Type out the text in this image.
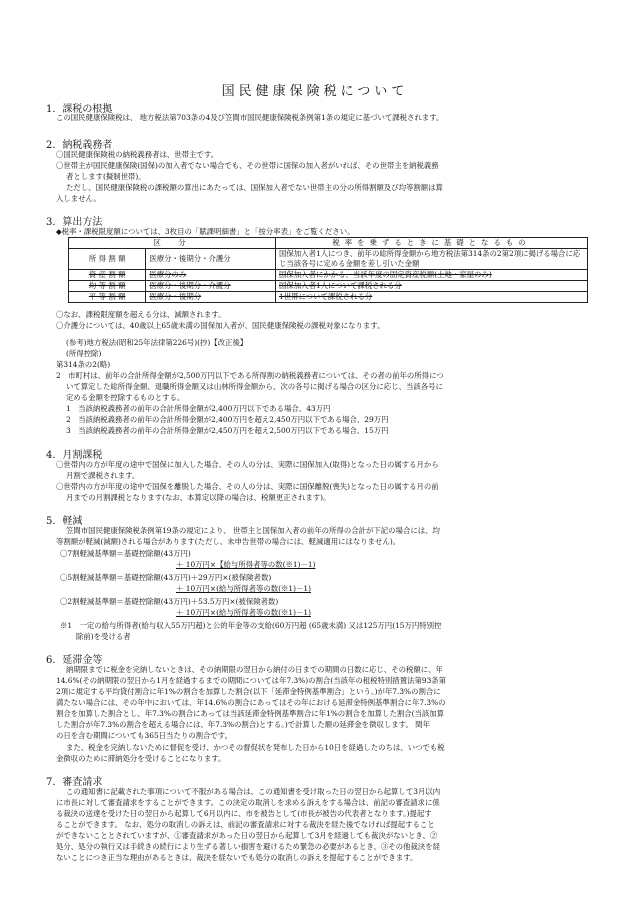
国民健康保険税について
1．課税の根拠
この国民健康保険税は、 地方税法第703条の4及び笠間市国民健康保険税条例第1条の規定に基づいて課税されます。
2．納税義務者
〇国民健康保険税の納税義務者は、世帯主です。
〇世帯主が国民健康保険(国保)の加入者でない場合でも、その世帯に国保の加入者がいれば、その世帯主を納税義務
者とします(擬制世帯)。
ただし、国民健康保険税の課税額の算出にあたっては、国保加入者でない世帯主の分の所得割額及び均等割額は算
入しません。
3．算出方法
◆税率・課税限度額については、3枚目の「賦課明細書」と「按分率表」をご覧ください。
区　分		税率を乗ずるときに基礎となるもの
所 得 割 額	医療分・後期分・介護分	国保加入者1人につき、前年の総所得金額から地方税法第314条の2第2項に掲げる場合に応じ当該各号に定める金額を差し引いた金額
資 産 割 額	医療分のみ	国保加入者にかかる、当該年度の固定資産税額(土地・家屋のみ)
均 等 割 額	医療分・後期分・介護分	国保加入者1人について課税される分
平 等 割 額	医療分・後期分	1世帯について課税される分
〇なお、課税限度額を超える分は、減額されます。
〇介護分については、40歳以上65歳未満の国保加入者が、国民健康保険税の課税対象になります。
(参考)地方税法(昭和25年法律第226号)(抄)【改正後】
(所得控除)
第314条の2(略)
2　市町村は、前年の合計所得金額が2,500万円以下である所得割の納税義務者については、その者の前年の所得につ
いて算定した総所得金額、退職所得金額又は山林所得金額から、次の各号に掲げる場合の区分に応じ、当該各号に
定める金額を控除するものとする。
1　当該納税義務者の前年の合計所得金額が2,400万円以下である場合、43万円
2　当該納税義務者の前年の合計所得金額が2,400万円を超え2,450万円以下である場合、29万円
3　当該納税義務者の前年の合計所得金額が2,450万円を超え2,500万円以下である場合、15万円
4．月割課税
〇世帯内の方が年度の途中で国保に加入した場合、その人の分は、実際に国保加入(取得)となった日の属する月から
月割で課税されます。
〇世帯内の方が年度の途中で国保を離脱した場合、その人の分は、実際に国保離脱(喪失)となった日の属する月の前
月までの月割課税となります(なお、本算定以降の場合は、税額更正されます)。
5．軽減
笠間市国民健康保険税条例第19条の規定により、 世帯主と国保加入者の前年の所得の合計が下記の場合には、均
等割額が軽減(減額)される場合があります(ただし、未申告世帯の場合には、軽減適用にはなりません)。
〇7割軽減基準額＝基礎控除額(43万円)
＋ 10万円×【給与所得者等の数(※1)－1)
〇5割軽減基準額＝基礎控除額(43万円)＋29万円×(被保険者数)
＋ 10万円×(給与所得者等の数(※1)－1)
〇2割軽減基準額＝基礎控除額(43万円)＋53.5万円×(被保険者数)
＋ 10万円×(給与所得者等の数(※1)－1)
※1　一定の給与所得者(給与収入55万円超)と公的年金等の支給(60万円超 (65歳未満) 又は125万円(15万円特別控
除前)を受ける者
6．延滞金等
納期限までに税金を完納しないときは、その納期限の翌日から納付の日までの期間の日数に応じ、その税額に、年
14.6%(その納期限の翌日から1月を経過するまでの期間については年7.3%)の割合(当該年の租税特別措置法第93条第
2項に規定する平均貸付割合に年1%の割合を加算した割合(以下「延滞金特例基準割合」という。)が年7.3%の割合に
満たない場合には、その年中においては、年14.6%の割合にあってはその年における延滞金特例基準割合に年7.3%の
割合を加算した割合とし、年7.3%の割合にあっては当該延滞金特例基準割合に年1%の割合を加算した割合(当該加算
した割合が年7.3%の割合を超える場合には、年7.3%の割合)とする。)で計算した額の延滞金を徴収します。 閏年
の日を含む期間についても365日当たりの割合です。
また、税金を完納しないために督促を受け、かつその督促状を発布した日から10日を経過したのちは、いつでも税
金徴収のために滞納処分を受けることになります。
7．審査請求
この通知書に記載された事項について不服がある場合は、この通知書を受け取った日の翌日から起算して3月以内
に市長に対して審査請求をすることができます。この決定の取消しを求める訴えをする場合は、前記の審査請求に係
る裁決の送達を受けた日の翌日から起算して6月以内に、市を被告として(市長が被告の代表者となります。)提起す
ることができます。 なお、処分の取消しの訴えは、前記の審査請求に対する裁決を経た後でなければ提起すること
ができないこととされていますが、①審査請求があった日の翌日から起算して3月を経過しても裁決がないとき、②
処分、処分の執行又は手続きの続行により生ずる著しい損害を避けるため緊急の必要があるとき、③その他裁決を経
ないことにつき正当な理由があるときは、裁決を経ないでも処分の取消しの訴えを提起することができます。
